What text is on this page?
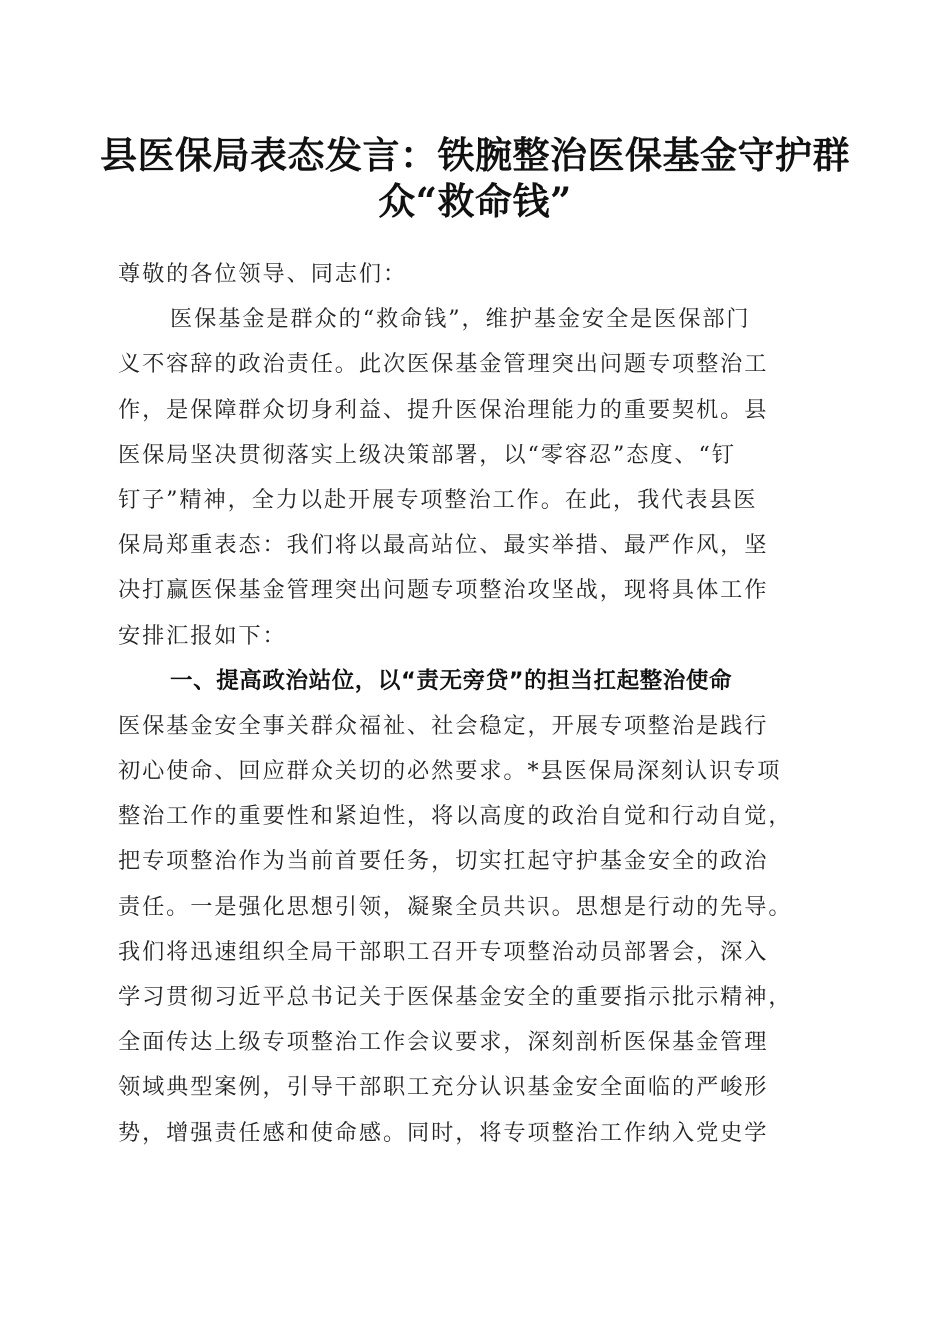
县医保局表态发言：铁腕整治医保基金守护群
众“救命钱”
尊敬的各位领导、同志们：
医保基金是群众的“救命钱”，维护基金安全是医保部门
义不容辞的政治责任。此次医保基金管理突出问题专项整治工
作，是保障群众切身利益、提升医保治理能力的重要契机。县
医保局坚决贯彻落实上级决策部署，以“零容忍”态度、“钉
钉子”精神，全力以赴开展专项整治工作。在此，我代表县医
保局郑重表态：我们将以最高站位、最实举措、最严作风，坚
决打赢医保基金管理突出问题专项整治攻坚战，现将具体工作
安排汇报如下：
一、提高政治站位，以“责无旁贷”的担当扛起整治使命
医保基金安全事关群众福祉、社会稳定，开展专项整治是践行
初心使命、回应群众关切的必然要求。*县医保局深刻认识专项
整治工作的重要性和紧迫性，将以高度的政治自觉和行动自觉，
把专项整治作为当前首要任务，切实扛起守护基金安全的政治
责任。一是强化思想引领，凝聚全员共识。思想是行动的先导。
我们将迅速组织全局干部职工召开专项整治动员部署会，深入
学习贯彻习近平总书记关于医保基金安全的重要指示批示精神，
全面传达上级专项整治工作会议要求，深刻剖析医保基金管理
领域典型案例，引导干部职工充分认识基金安全面临的严峻形
势，增强责任感和使命感。同时，将专项整治工作纳入党史学
